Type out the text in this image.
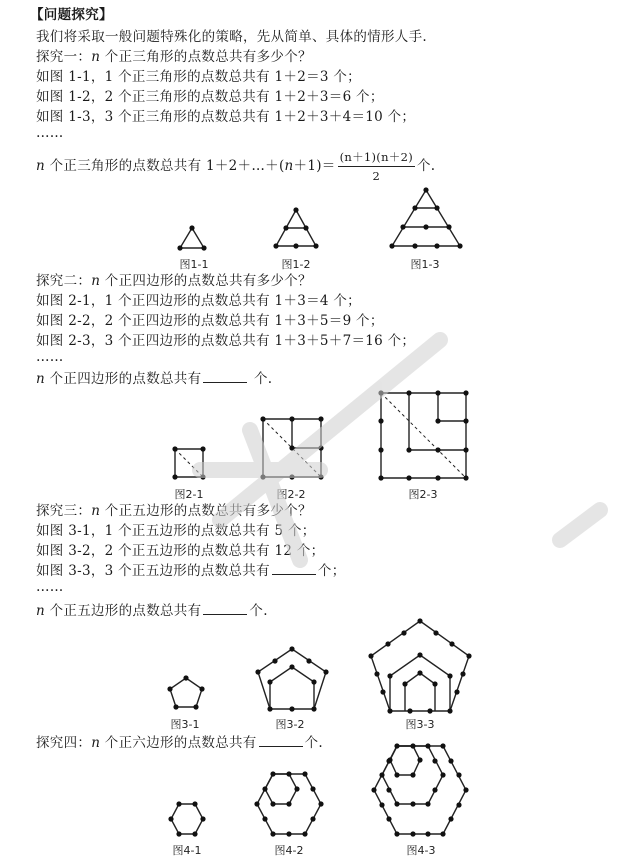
【问题探究】

我们将采取一般问题特殊化的策略，先从简单、具体的情形人手.

探究一：n 个正三角形的点数总共有多少个？

如图 1-1，1 个正三角形的点数总共有 1＋2＝3 个；

如图 1-2，2 个正三角形的点数总共有 1＋2＋3＝6 个；

如图 1-3，3 个正三角形的点数总共有 1＋2＋3＋4＝10 个；

……

n 个正三角形的点数总共有 1＋2＋…＋(n＋1)＝ $\frac{(n+1)(n+2)}{2}$ 个.

图1-1	图1-2	图1-3

探究二：n 个正四边形的点数总共有多少个？

如图 2-1，1 个正四边形的点数总共有 1＋3＝4 个；

如图 2-2，2 个正四边形的点数总共有 1＋3＋5＝9 个；

如图 2-3，3 个正四边形的点数总共有 1＋3＋5＋7＝16 个；

……

n 个正四边形的点数总共有	个.

图2-1	图2-2	图2-3

探究三：n 个正五边形的点数总共有多少个？

如图 3-1，1 个正五边形的点数总共有 5 个；

如图 3-2，2 个正五边形的点数总共有 12 个；

如图 3-3，3 个正五边形的点数总共有	个；

……

n 个正五边形的点数总共有	个.

图3-1	图3-2	图3-3

探究四：n 个正六边形的点数总共有	个.

图4-1	图4-2	图4-3
